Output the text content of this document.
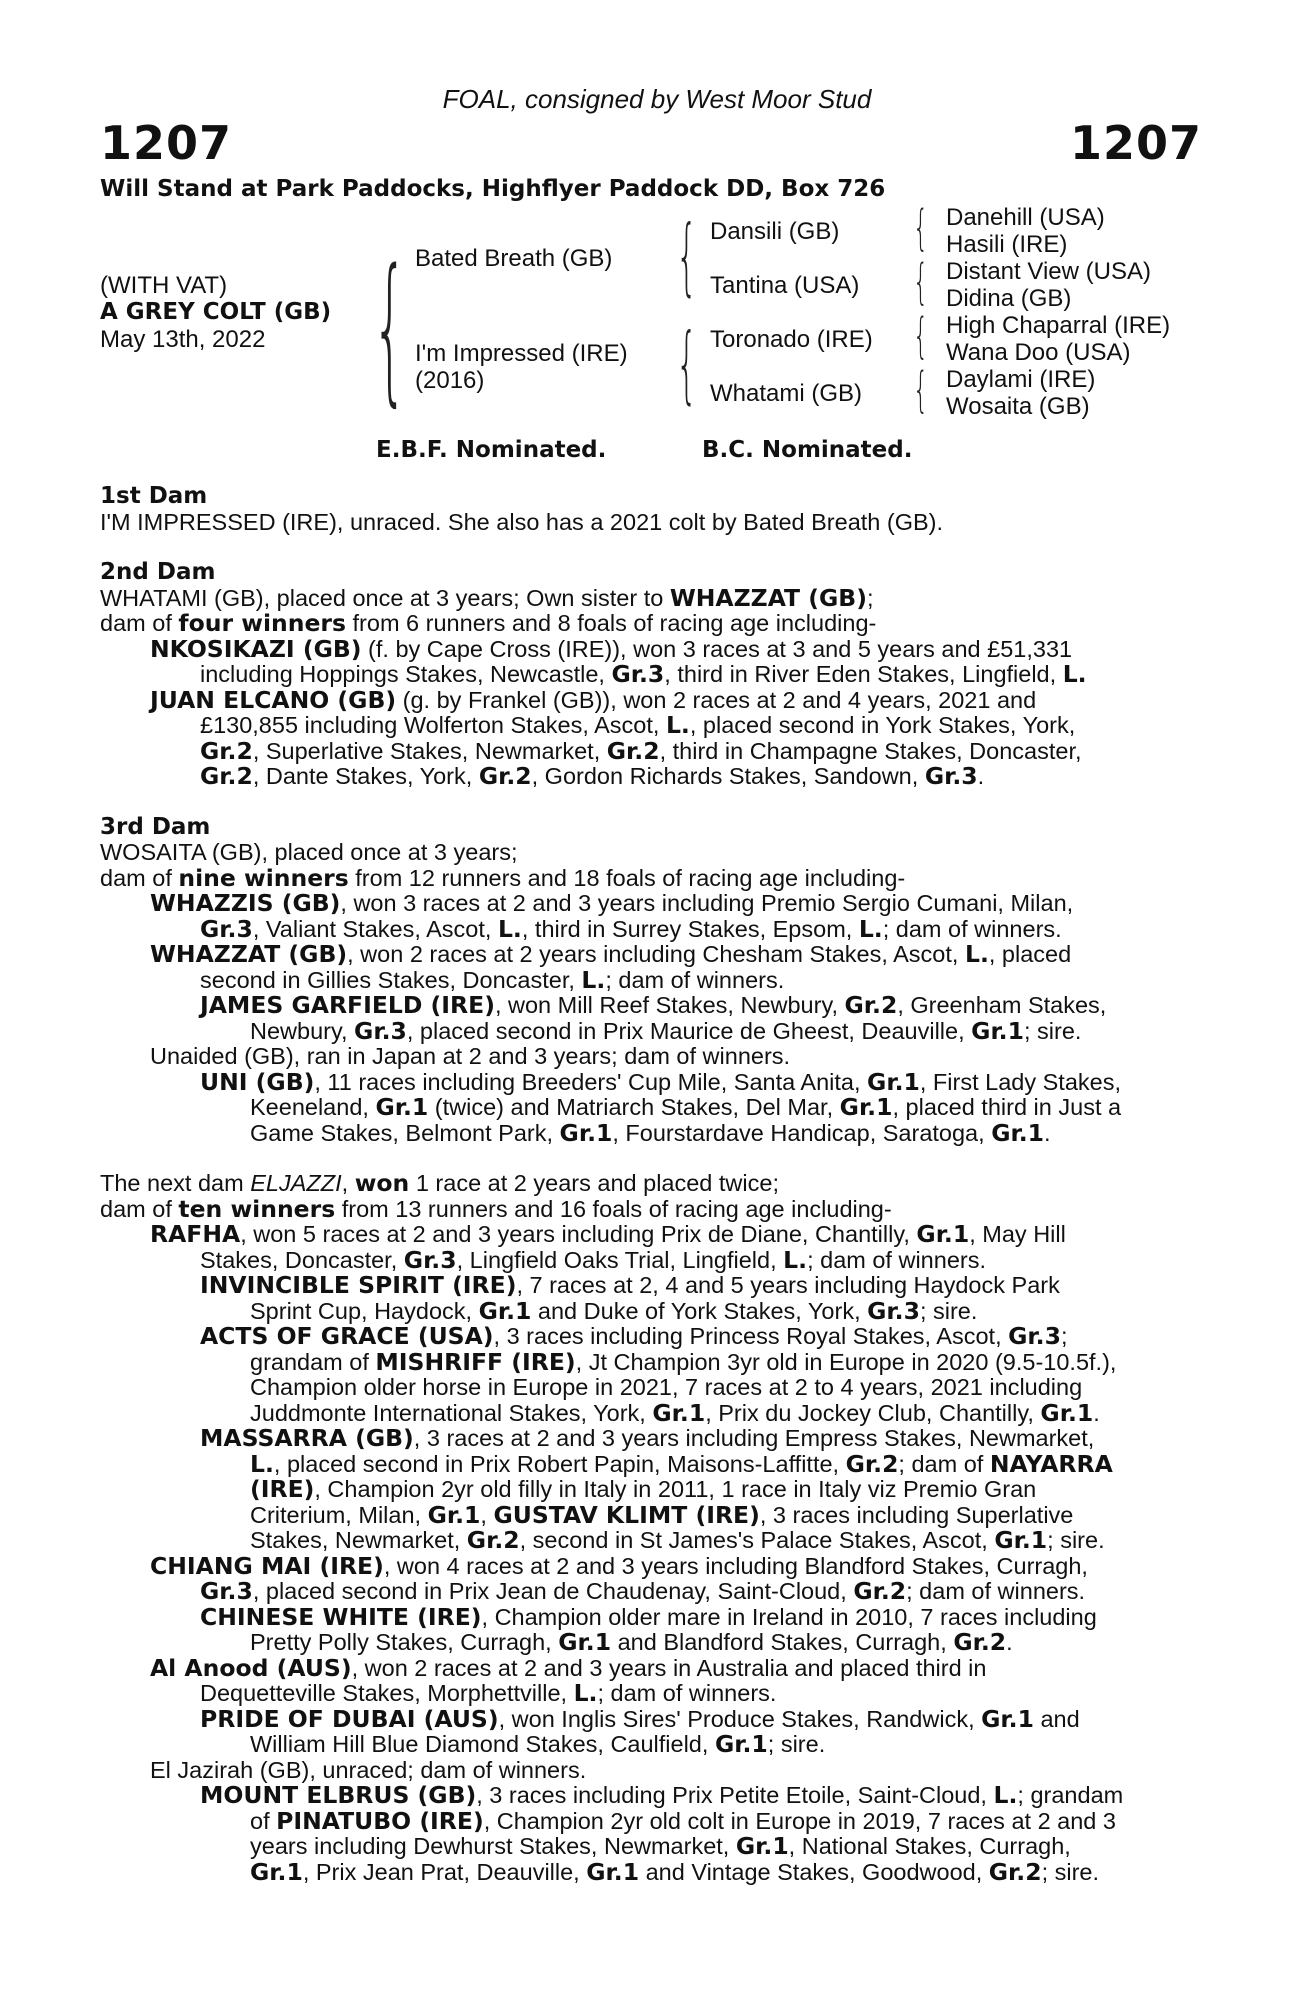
FOAL, consigned by West Moor Stud
1207	1207
Will Stand at Park Paddocks, Highflyer Paddock DD, Box 726
(WITH VAT)
A GREY COLT (GB)
May 13th, 2022 { Bated Breath (GB)
I'm Impressed (IRE)
(2016)
{
{
Dansili (GB)
Tantina (USA)
Toronado (IRE)
Whatami (GB)
{
{
{
{
Danehill (USA)
Hasili (IRE)
Distant View (USA)
Didina (GB)
High Chaparral (IRE)
Wana Doo (USA)
Daylami (IRE)
Wosaita (GB)
E.B.F. Nominated.	B.C. Nominated.
1st Dam

I'M IMPRESSED (IRE), unraced. She also has a 2021 colt by Bated Breath (GB).

2nd Dam

WHATAMI (GB), placed once at 3 years; Own sister to WHAZZAT (GB);

dam of four winners from 6 runners and 8 foals of racing age including-

NKOSIKAZI (GB) (f. by Cape Cross (IRE)), won 3 races at 3 and 5 years and £51,331
including Hoppings Stakes, Newcastle, Gr.3, third in River Eden Stakes, Lingfield, L.

JUAN ELCANO (GB) (g. by Frankel (GB)), won 2 races at 2 and 4 years, 2021 and
£130,855 including Wolferton Stakes, Ascot, L., placed second in York Stakes, York,
Gr.2, Superlative Stakes, Newmarket, Gr.2, third in Champagne Stakes, Doncaster,
Gr.2, Dante Stakes, York, Gr.2, Gordon Richards Stakes, Sandown, Gr.3.

3rd Dam

WOSAITA (GB), placed once at 3 years;

dam of nine winners from 12 runners and 18 foals of racing age including-

WHAZZIS (GB), won 3 races at 2 and 3 years including Premio Sergio Cumani, Milan,
Gr.3, Valiant Stakes, Ascot, L., third in Surrey Stakes, Epsom, L.; dam of winners.

WHAZZAT (GB), won 2 races at 2 years including Chesham Stakes, Ascot, L., placed
second in Gillies Stakes, Doncaster, L.; dam of winners.

JAMES GARFIELD (IRE), won Mill Reef Stakes, Newbury, Gr.2, Greenham Stakes,
Newbury, Gr.3, placed second in Prix Maurice de Gheest, Deauville, Gr.1; sire.

Unaided (GB), ran in Japan at 2 and 3 years; dam of winners.

UNI (GB), 11 races including Breeders' Cup Mile, Santa Anita, Gr.1, First Lady Stakes,
Keeneland, Gr.1 (twice) and Matriarch Stakes, Del Mar, Gr.1, placed third in Just a
Game Stakes, Belmont Park, Gr.1, Fourstardave Handicap, Saratoga, Gr.1.

The next dam ELJAZZI, won 1 race at 2 years and placed twice;

dam of ten winners from 13 runners and 16 foals of racing age including-

RAFHA, won 5 races at 2 and 3 years including Prix de Diane, Chantilly, Gr.1, May Hill
Stakes, Doncaster, Gr.3, Lingfield Oaks Trial, Lingfield, L.; dam of winners.

INVINCIBLE SPIRIT (IRE), 7 races at 2, 4 and 5 years including Haydock Park
Sprint Cup, Haydock, Gr.1 and Duke of York Stakes, York, Gr.3; sire.

ACTS OF GRACE (USA), 3 races including Princess Royal Stakes, Ascot, Gr.3;
grandam of MISHRIFF (IRE), Jt Champion 3yr old in Europe in 2020 (9.5-10.5f.),
Champion older horse in Europe in 2021, 7 races at 2 to 4 years, 2021 including
Juddmonte International Stakes, York, Gr.1, Prix du Jockey Club, Chantilly, Gr.1.

MASSARRA (GB), 3 races at 2 and 3 years including Empress Stakes, Newmarket,
L., placed second in Prix Robert Papin, Maisons-Laffitte, Gr.2; dam of NAYARRA
(IRE), Champion 2yr old filly in Italy in 2011, 1 race in Italy viz Premio Gran
Criterium, Milan, Gr.1, GUSTAV KLIMT (IRE), 3 races including Superlative
Stakes, Newmarket, Gr.2, second in St James's Palace Stakes, Ascot, Gr.1; sire.

CHIANG MAI (IRE), won 4 races at 2 and 3 years including Blandford Stakes, Curragh,
Gr.3, placed second in Prix Jean de Chaudenay, Saint-Cloud, Gr.2; dam of winners.

CHINESE WHITE (IRE), Champion older mare in Ireland in 2010, 7 races including
Pretty Polly Stakes, Curragh, Gr.1 and Blandford Stakes, Curragh, Gr.2.

Al Anood (AUS), won 2 races at 2 and 3 years in Australia and placed third in
Dequetteville Stakes, Morphettville, L.; dam of winners.

PRIDE OF DUBAI (AUS), won Inglis Sires' Produce Stakes, Randwick, Gr.1 and
William Hill Blue Diamond Stakes, Caulfield, Gr.1; sire.

El Jazirah (GB), unraced; dam of winners.

MOUNT ELBRUS (GB), 3 races including Prix Petite Etoile, Saint-Cloud, L.; grandam
of PINATUBO (IRE), Champion 2yr old colt in Europe in 2019, 7 races at 2 and 3
years including Dewhurst Stakes, Newmarket, Gr.1, National Stakes, Curragh,
Gr.1, Prix Jean Prat, Deauville, Gr.1 and Vintage Stakes, Goodwood, Gr.2; sire.
